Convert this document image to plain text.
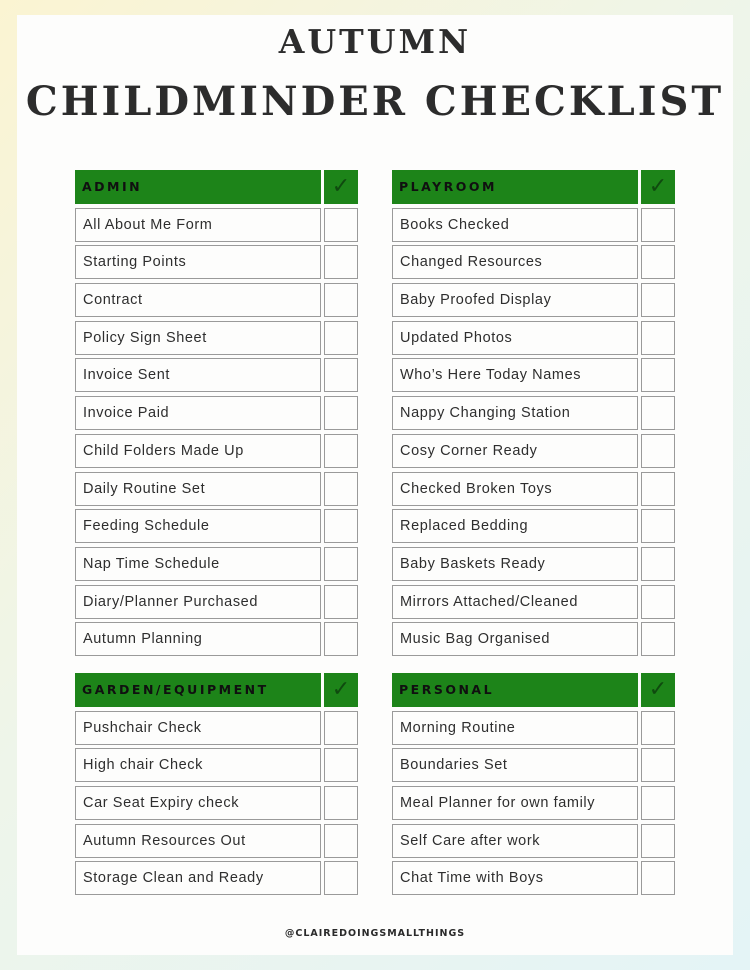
AUTUMN
CHILDMINDER CHECKLIST
ADMIN	✓
All About Me Form
Starting Points
Contract
Policy Sign Sheet
Invoice Sent
Invoice Paid
Child Folders Made Up
Daily Routine Set
Feeding Schedule
Nap Time Schedule
Diary/Planner Purchased
Autumn Planning
PLAYROOM	✓
Books Checked
Changed Resources
Baby Proofed Display
Updated Photos
Who’s Here Today Names
Nappy Changing Station
Cosy Corner Ready
Checked Broken Toys
Replaced Bedding
Baby Baskets Ready
Mirrors Attached/Cleaned
Music Bag Organised
GARDEN/EQUIPMENT	✓
Pushchair Check
High chair Check
Car Seat Expiry check
Autumn Resources Out
Storage Clean and Ready
PERSONAL	✓
Morning Routine
Boundaries Set
Meal Planner for own family
Self Care after work
Chat Time with Boys
@CLAIREDOINGSMALLTHINGS
